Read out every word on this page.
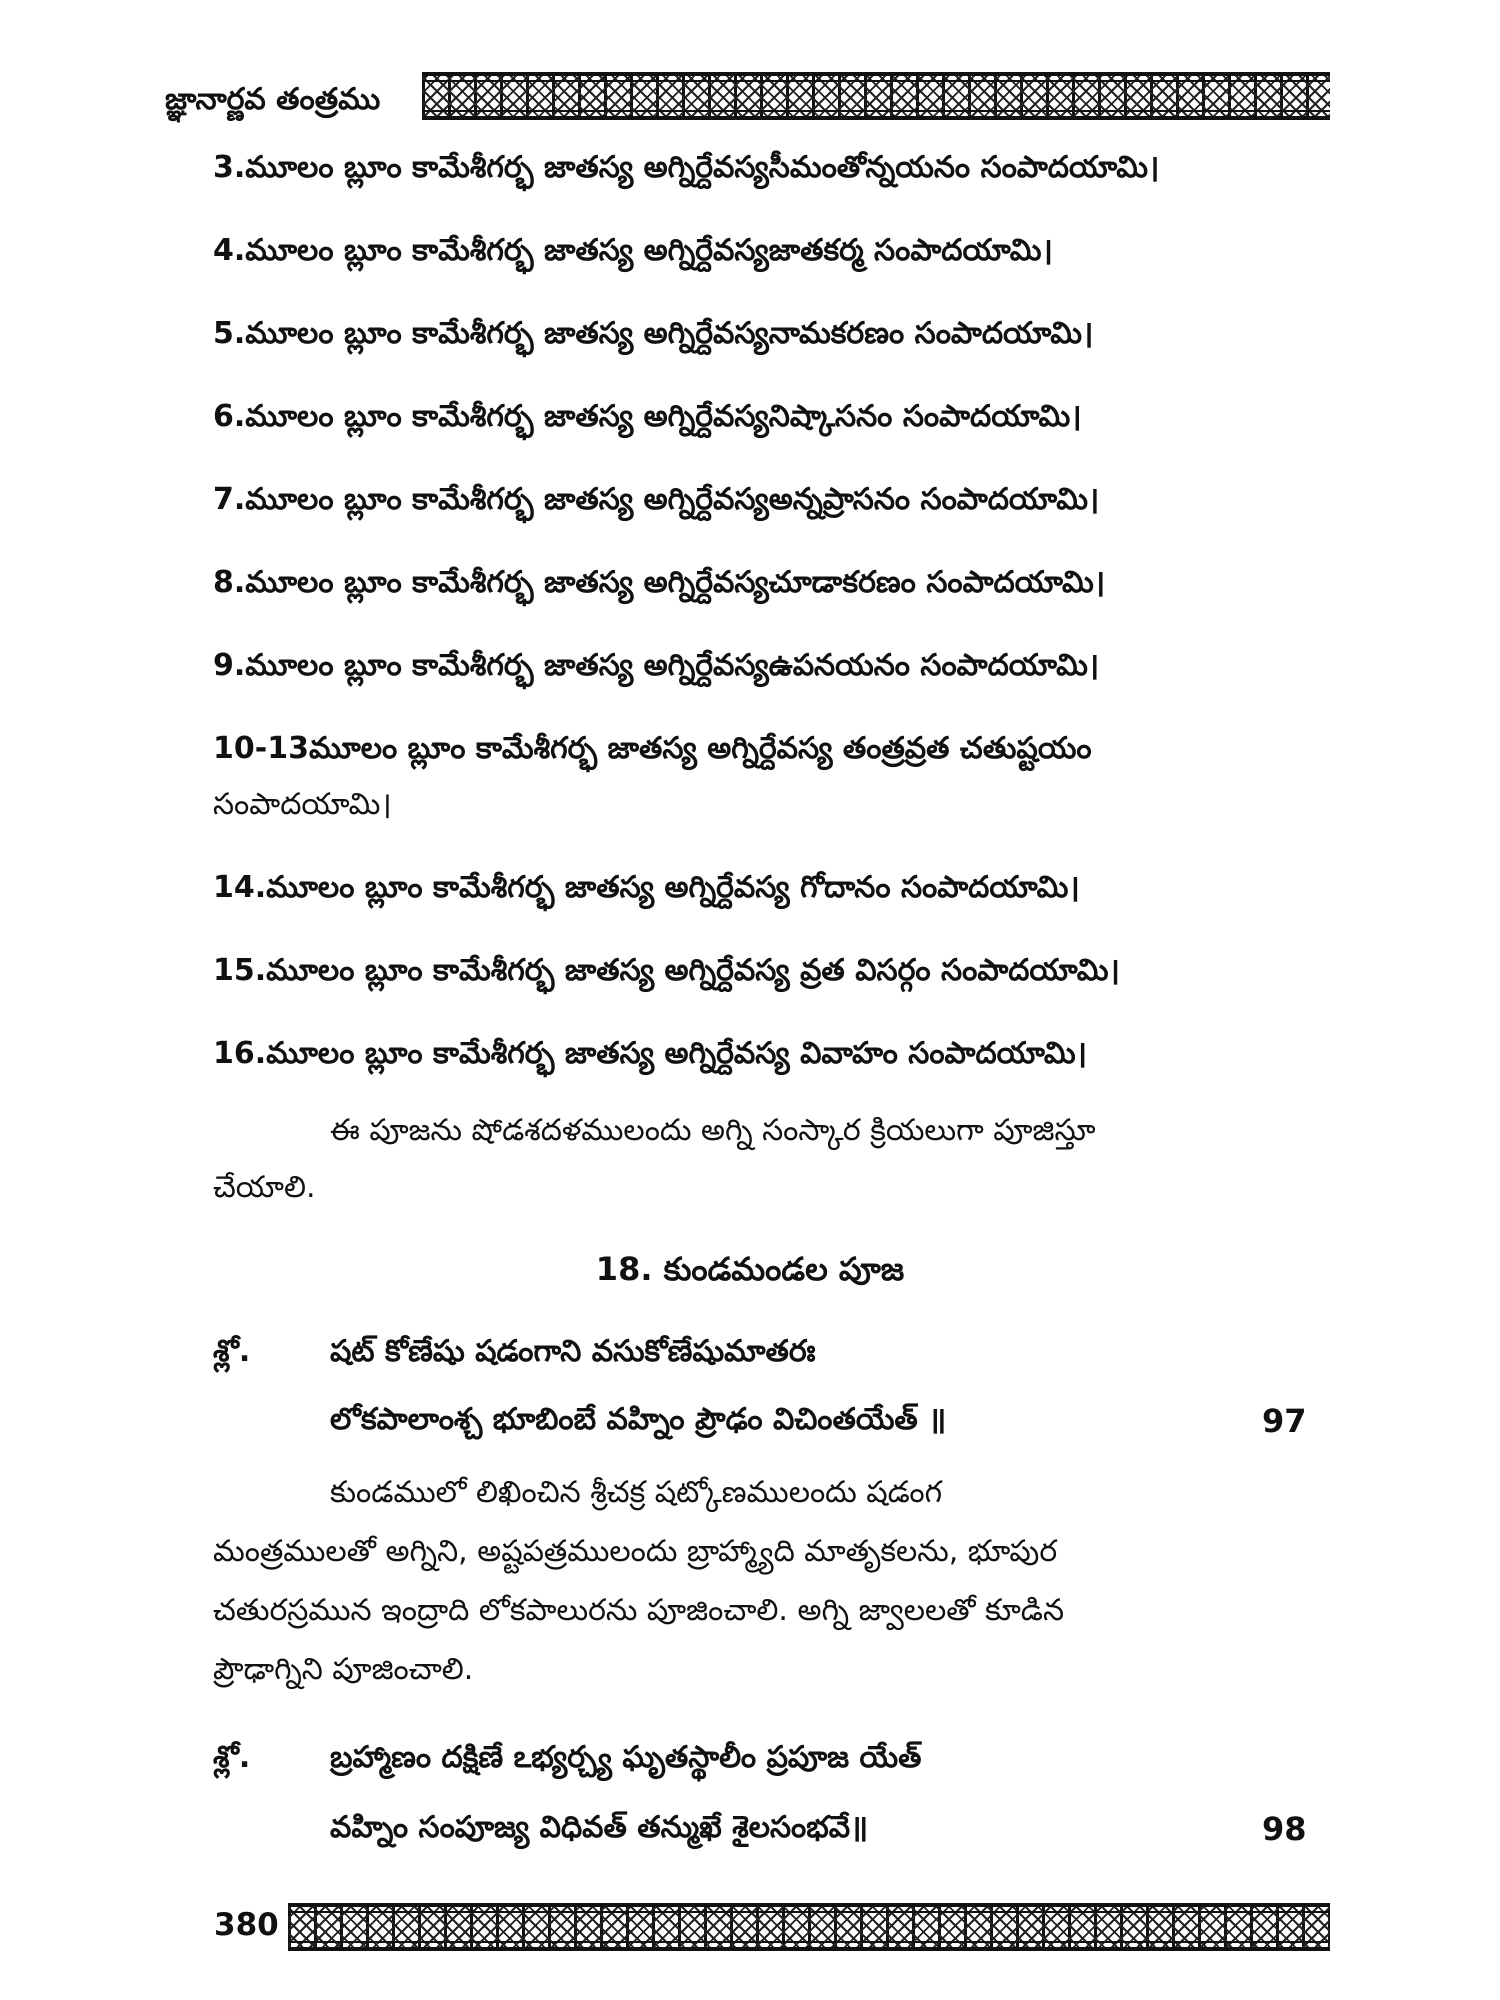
జ్ఞానార్ణవ తంత్రము
3.మూలం బ్లూం కామేశీగర్భ జాతస్య అగ్నిర్దేవస్యసీమంతోన్నయనం సంపాదయామి।
4.మూలం బ్లూం కామేశీగర్భ జాతస్య అగ్నిర్దేవస్యజాతకర్మ సంపాదయామి।
5.మూలం బ్లూం కామేశీగర్భ జాతస్య అగ్నిర్దేవస్యనామకరణం సంపాదయామి।
6.మూలం బ్లూం కామేశీగర్భ జాతస్య అగ్నిర్దేవస్యనిష్కాసనం సంపాదయామి।
7.మూలం బ్లూం కామేశీగర్భ జాతస్య అగ్నిర్దేవస్యఅన్నప్రాసనం సంపాదయామి।
8.మూలం బ్లూం కామేశీగర్భ జాతస్య అగ్నిర్దేవస్యచూడాకరణం సంపాదయామి।
9.మూలం బ్లూం కామేశీగర్భ జాతస్య అగ్నిర్దేవస్యఉపనయనం సంపాదయామి।
10-13మూలం బ్లూం కామేశీగర్భ జాతస్య అగ్నిర్దేవస్య తంత్రవ్రత చతుష్టయం
సంపాదయామి।
14.మూలం బ్లూం కామేశీగర్భ జాతస్య అగ్నిర్దేవస్య గోదానం సంపాదయామి।
15.మూలం బ్లూం కామేశీగర్భ జాతస్య అగ్నిర్దేవస్య వ్రత విసర్గం సంపాదయామి।
16.మూలం బ్లూం కామేశీగర్భ జాతస్య అగ్నిర్దేవస్య వివాహం సంపాదయామి।
ఈ పూజను షోడశదళములందు అగ్ని సంస్కార క్రియలుగా పూజిస్తూ
చేయాలి.
18. కుండమండల పూజ
శ్లో.	షట్ కోణేషు షడంగాని వసుకోణేషుమాతరః
లోకపాలాంశ్చ భూబింబే వహ్నిం ప్రౌఢం విచింతయేత్ ॥	97
కుండములో లిఖించిన శ్రీచక్ర షట్కోణములందు షడంగ
మంత్రములతో అగ్నిని, అష్టపత్రములందు బ్రాహ్మ్యాది మాతృకలను, భూపుర
చతురస్రమున ఇంద్రాది లోకపాలురను పూజించాలి. అగ్ని జ్వాలలతో కూడిన
ప్రౌఢాగ్నిని పూజించాలి.
శ్లో.	బ్రహ్మాణం దక్షిణే ఽభ్యర్చ్య ఘృతస్థాలీం ప్రపూజ యేత్
వహ్నిం సంపూజ్య విధివత్ తన్ముఖే శైలసంభవే॥	98
380
